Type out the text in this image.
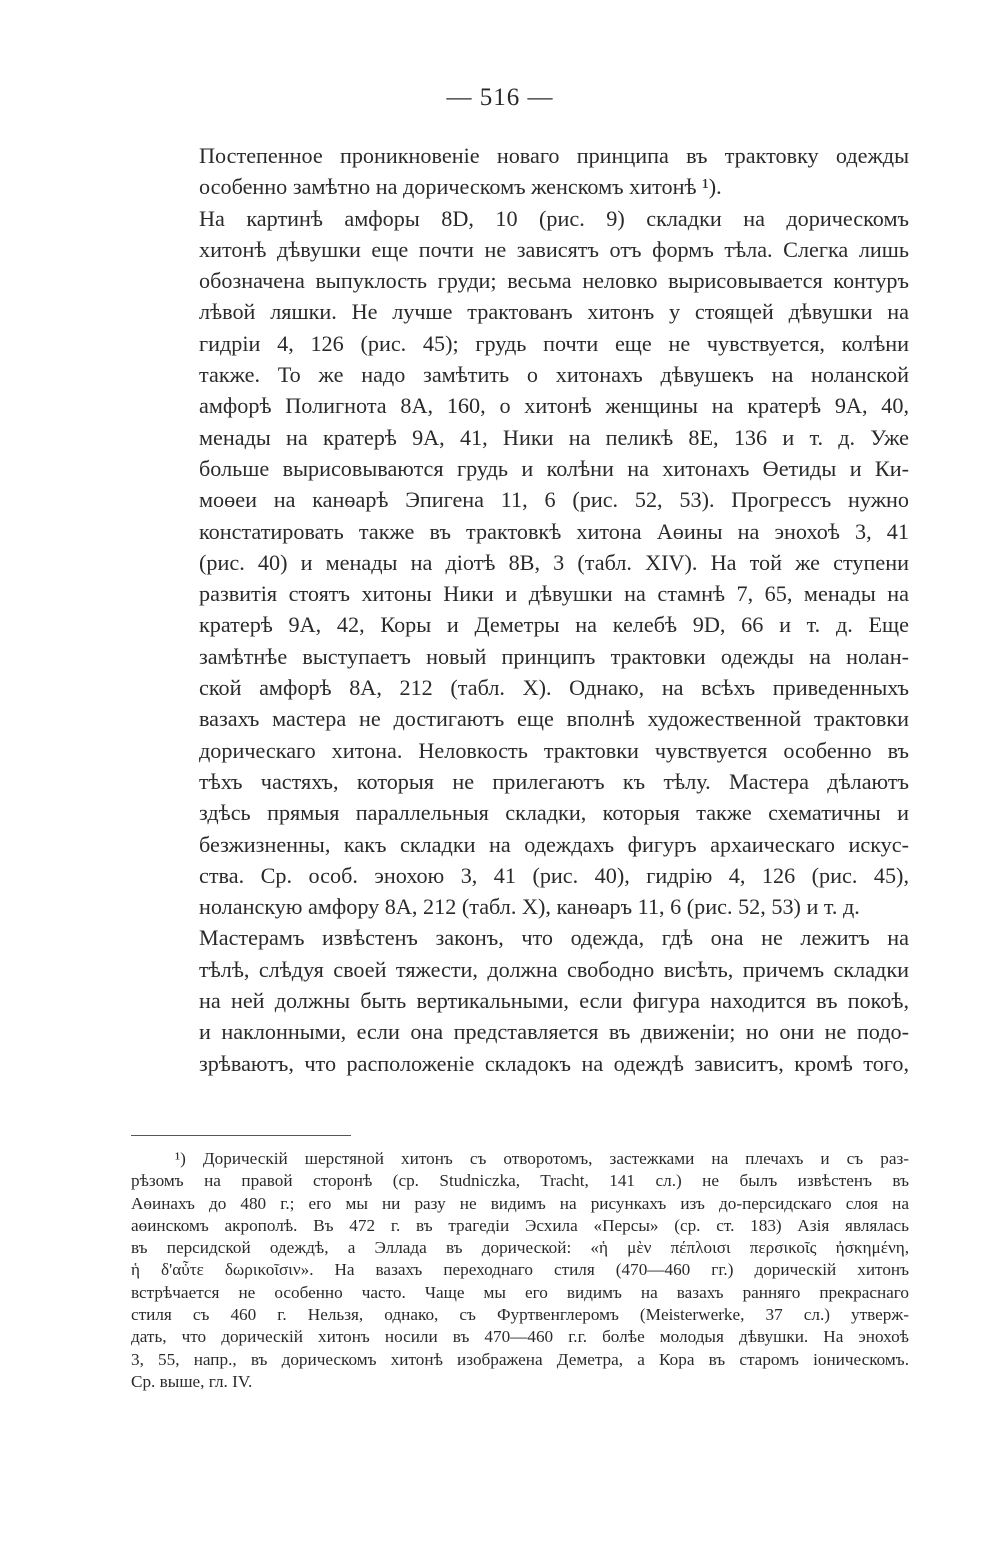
— 516 —

Постепенное проникновеніе новаго принципа въ трактовку одежды
особенно замѣтно на дорическомъ женскомъ хитонѣ ¹).

На картинѣ амфоры 8D, 10 (рис. 9) складки на дорическомъ
хитонѣ дѣвушки еще почти не зависятъ отъ формъ тѣла. Слегка лишь
обозначена выпуклость груди; весьма неловко вырисовывается контуръ
лѣвой ляшки. Не лучше трактованъ хитонъ у стоящей дѣвушки на
гидріи 4, 126 (рис. 45); грудь почти еще не чувствуется, колѣни
также. То же надо замѣтить о хитонахъ дѣвушекъ на ноланской
амфорѣ Полигнота 8A, 160, о хитонѣ женщины на кратерѣ 9A, 40,
менады на кратерѣ 9A, 41, Ники на пеликѣ 8E, 136 и т. д. Уже
больше вырисовываются грудь и колѣни на хитонахъ Өетиды и Ки-
моөеи на канөарѣ Эпигена 11, 6 (рис. 52, 53). Прогрессъ нужно
констатировать также въ трактовкѣ хитона Аөины на энохоѣ 3, 41
(рис. 40) и менады на діотѣ 8B, 3 (табл. XIV). На той же ступени
развитія стоятъ хитоны Ники и дѣвушки на стамнѣ 7, 65, менады на
кратерѣ 9A, 42, Коры и Деметры на келебѣ 9D, 66 и т. д. Еще
замѣтнѣе выступаетъ новый принципъ трактовки одежды на нолан-
ской амфорѣ 8A, 212 (табл. X). Однако, на всѣхъ приведенныхъ
вазахъ мастера не достигаютъ еще вполнѣ художественной трактовки
дорическаго хитона. Неловкость трактовки чувствуется особенно въ
тѣхъ частяхъ, которыя не прилегаютъ къ тѣлу. Мастера дѣлаютъ
здѣсь прямыя параллельныя складки, которыя также схематичны и
безжизненны, какъ складки на одеждахъ фигуръ архаическаго искус-
ства. Ср. особ. энохою 3, 41 (рис. 40), гидрію 4, 126 (рис. 45),
ноланскую амфору 8A, 212 (табл. X), канөаръ 11, 6 (рис. 52, 53) и т. д.

Мастерамъ извѣстенъ законъ, что одежда, гдѣ она не лежитъ на
тѣлѣ, слѣдуя своей тяжести, должна свободно висѣть, причемъ складки
на ней должны быть вертикальными, если фигура находится въ покоѣ,
и наклонными, если она представляется въ движеніи; но они не подо-
зрѣваютъ, что расположеніе складокъ на одеждѣ зависитъ, кромѣ того,

¹) Дорическій шерстяной хитонъ съ отворотомъ, застежками на плечахъ и съ раз-
рѣзомъ на правой сторонѣ (ср. Studniczka, Tracht, 141 сл.) не былъ извѣстенъ въ
Аөинахъ до 480 г.; его мы ни разу не видимъ на рисункахъ изъ до-персидскаго слоя на
аөинскомъ акрополѣ. Въ 472 г. въ трагедіи Эсхила «Персы» (ср. ст. 183) Азія являлась
въ персидской одеждѣ, а Эллада въ дорической: «ἡ μὲν πέπλοισι περσικοῖς ἠσκημένη,
ἡ δ'αὖτε δωρικοῖσιν». На вазахъ переходнаго стиля (470—460 гг.) дорическій хитонъ
встрѣчается не особенно часто. Чаще мы его видимъ на вазахъ ранняго прекраснаго
стиля съ 460 г. Нельзя, однако, съ Фуртвенглеромъ (Meisterwerke, 37 сл.) утверж-
дать, что дорическій хитонъ носили въ 470—460 г.г. болѣе молодыя дѣвушки. На энохоѣ
3, 55, напр., въ дорическомъ хитонѣ изображена Деметра, а Кора въ старомъ іоническомъ.
Ср. выше, гл. IV.
